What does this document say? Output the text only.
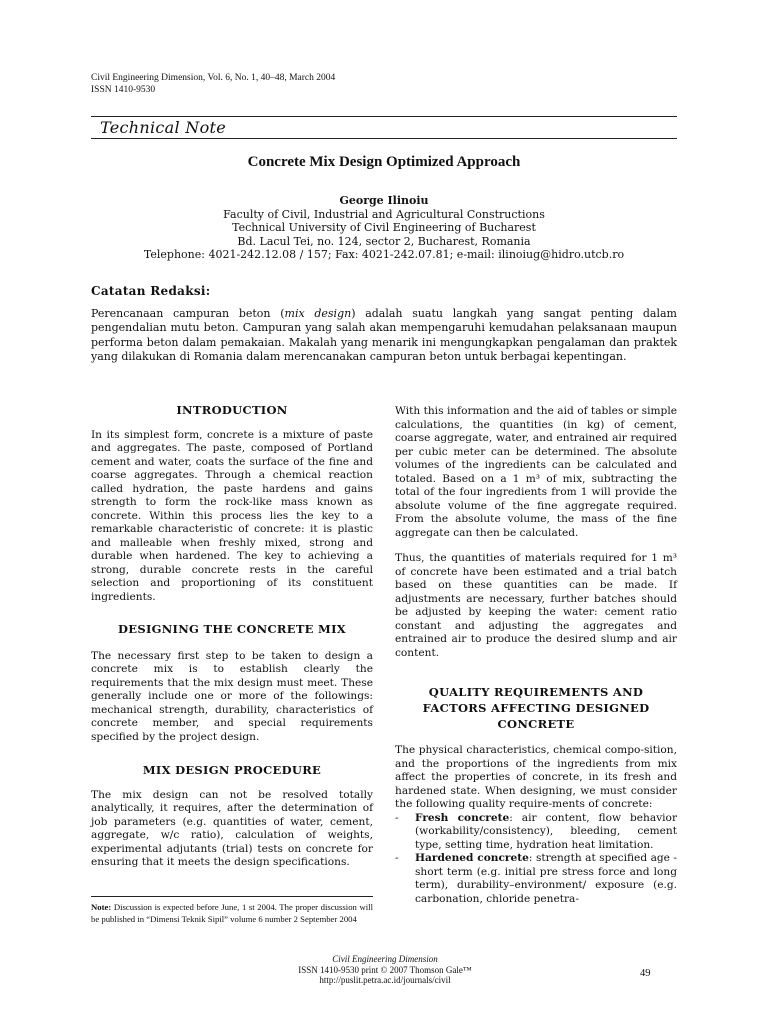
Civil Engineering Dimension, Vol. 6, No. 1, 40–48, March 2004
ISSN 1410-9530
Technical Note
Concrete Mix Design Optimized Approach
George Ilinoiu
Faculty of Civil, Industrial and Agricultural Constructions
Technical University of Civil Engineering of Bucharest
Bd. Lacul Tei, no. 124, sector 2, Bucharest, Romania
Telephone: 4021-242.12.08 / 157; Fax: 4021-242.07.81; e-mail: ilinoiug@hidro.utcb.ro
Catatan Redaksi:
Perencanaan campuran beton (mix design) adalah suatu langkah yang sangat penting dalam pengendalian mutu beton. Campuran yang salah akan mempengaruhi kemudahan pelaksanaan maupun performa beton dalam pemakaian. Makalah yang menarik ini mengungkapkan pengalaman dan praktek yang dilakukan di Romania dalam merencanakan campuran beton untuk berbagai kepentingan.
INTRODUCTION

In its simplest form, concrete is a mixture of paste and aggregates. The paste, composed of Portland cement and water, coats the surface of the fine and coarse aggregates. Through a chemical reaction called hydration, the paste hardens and gains strength to form the rock-like mass known as concrete. Within this process lies the key to a remarkable characteristic of concrete: it is plastic and malleable when freshly mixed, strong and durable when hardened. The key to achieving a strong, durable concrete rests in the careful selection and proportioning of its constituent ingredients.

DESIGNING THE CONCRETE MIX

The necessary first step to be taken to design a concrete mix is to establish clearly the requirements that the mix design must meet. These generally include one or more of the followings: mechanical strength, durability, characteristics of concrete member, and special requirements specified by the project design.

MIX DESIGN PROCEDURE

The mix design can not be resolved totally analytically, it requires, after the determination of job parameters (e.g. quantities of water, cement, aggregate, w/c ratio), calculation of weights, experimental adjutants (trial) tests on concrete for ensuring that it meets the design specifications.

Note: Discussion is expected before June, 1 st 2004. The proper discussion will be published in “Dimensi Teknik Sipil” volume 6 number 2 September 2004

With this information and the aid of tables or simple calculations, the quantities (in kg) of cement, coarse aggregate, water, and entrained air required per cubic meter can be determined. The absolute volumes of the ingredients can be calculated and totaled. Based on a 1 m³ of mix, subtracting the total of the four ingredients from 1 will provide the absolute volume of the fine aggregate required. From the absolute volume, the mass of the fine aggregate can then be calculated.

Thus, the quantities of materials required for 1 m³ of concrete have been estimated and a trial batch based on these quantities can be made. If adjustments are necessary, further batches should be adjusted by keeping the water: cement ratio constant and adjusting the aggregates and entrained air to produce the desired slump and air content.

QUALITY REQUIREMENTS AND FACTORS AFFECTING DESIGNED CONCRETE

The physical characteristics, chemical compo-sition, and the proportions of the ingredients from mix affect the properties of concrete, in its fresh and hardened state. When designing, we must consider the following quality require-ments of concrete:

-	Fresh concrete: air content, flow behavior (workability/consistency), bleeding, cement type, setting time, hydration heat limitation.
-	Hardened concrete: strength at specified age - short term (e.g. initial pre stress force and long term), durability–environment/ exposure (e.g. carbonation, chloride penetra-
Civil Engineering Dimension
ISSN 1410-9530 print © 2007 Thomson Gale™
http://puslit.petra.ac.id/journals/civil
49
